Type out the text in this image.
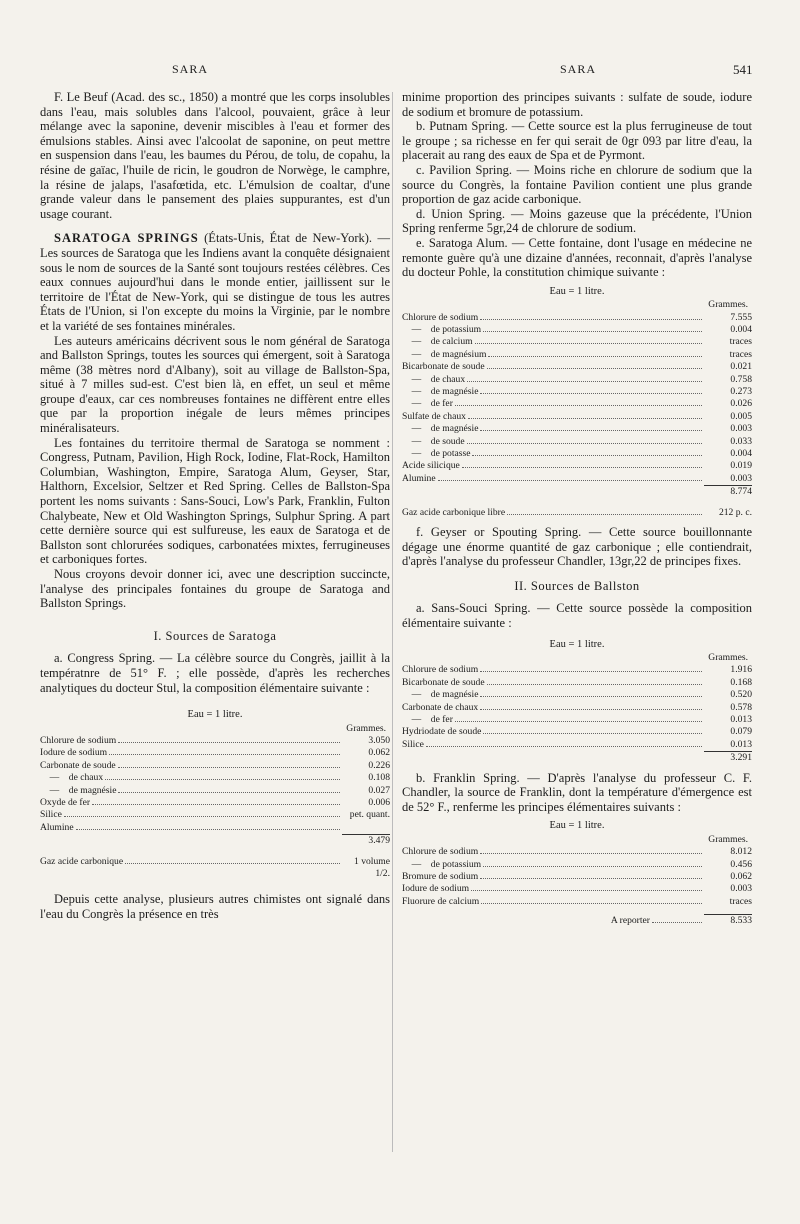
SARA	SARA	541

F. Le Beuf (Acad. des sc., 1850) a montré que les corps insolubles dans l'eau, mais solubles dans l'alcool, pouvaient, grâce à leur mélange avec la saponine, devenir miscibles à l'eau et former des émulsions stables. Ainsi avec l'alcoolat de saponine, on peut mettre en suspension dans l'eau, les baumes du Pérou, de tolu, de copahu, la résine de gaïac, l'huile de ricin, le goudron de Norwège, le camphre, la résine de jalaps, l'asafœtida, etc. L'émulsion de coaltar, d'une grande valeur dans le pansement des plaies suppurantes, est d'un usage courant.

SARATOGA SPRINGS (États-Unis, État de New-York). — Les sources de Saratoga que les Indiens avant la conquête désignaient sous le nom de sources de la Santé sont toujours restées célèbres. Ces eaux connues aujourd'hui dans le monde entier, jaillissent sur le territoire de l'État de New-York, qui se distingue de tous les autres États de l'Union, si l'on excepte du moins la Virginie, par le nombre et la variété de ses fontaines minérales.

Les auteurs américains décrivent sous le nom général de Saratoga and Ballston Springs, toutes les sources qui émergent, soit à Saratoga même (38 mètres nord d'Albany), soit au village de Ballston-Spa, situé à 7 milles sud-est. C'est bien là, en effet, un seul et même groupe d'eaux, car ces nombreuses fontaines ne diffèrent entre elles que par la proportion inégale de leurs mêmes principes minéralisateurs.

Les fontaines du territoire thermal de Saratoga se nomment : Congress, Putnam, Pavilion, High Rock, Iodine, Flat-Rock, Hamilton Columbian, Washington, Empire, Saratoga Alum, Geyser, Star, Halthorn, Excelsior, Seltzer et Red Spring. Celles de Ballston-Spa portent les noms suivants : Sans-Souci, Low's Park, Franklin, Fulton Chalybeate, New et Old Washington Springs, Sulphur Spring. A part cette dernière source qui est sulfureuse, les eaux de Saratoga et de Ballston sont chlorurées sodiques, carbonatées mixtes, ferrugineuses et carboniques fortes.

Nous croyons devoir donner ici, avec une description succincte, l'analyse des principales fontaines du groupe de Saratoga and Ballston Springs.

I. Sources de Saratoga

a. Congress Spring. — La célèbre source du Congrès, jaillit à la températnre de 51° F. ; elle possède, d'après les recherches analytiques du docteur Stul, la composition élémentaire suivante :

Eau = 1 litre.
Grammes.
Chlorure de sodium	3.050
Iodure de sodium	0.062
Carbonate de soude	0.226
—    de chaux	0.108
—    de magnésie	0.027
Oxyde de fer	0.006
Silice	pet. quant.
Alumine
3.479
Gaz acide carbonique	1 volume 1/2.

Depuis cette analyse, plusieurs autres chimistes ont signalé dans l'eau du Congrès la présence en très

minime proportion des principes suivants : sulfate de soude, iodure de sodium et bromure de potassium.

b. Putnam Spring. — Cette source est la plus ferrugineuse de tout le groupe ; sa richesse en fer qui serait de 0gr 093 par litre d'eau, la placerait au rang des eaux de Spa et de Pyrmont.

c. Pavilion Spring. — Moins riche en chlorure de sodium que la source du Congrès, la fontaine Pavilion contient une plus grande proportion de gaz acide carbonique.

d. Union Spring. — Moins gazeuse que la précédente, l'Union Spring renferme 5gr,24 de chlorure de sodium.

e. Saratoga Alum. — Cette fontaine, dont l'usage en médecine ne remonte guère qu'à une dizaine d'années, reconnait, d'après l'analyse du docteur Pohle, la constitution chimique suivante :

Eau = 1 litre.
Grammes.
Chlorure de sodium	7.555
—    de potassium	0.004
—    de calcium	traces
—    de magnésium	traces
Bicarbonate de soude	0.021
—    de chaux	0.758
—    de magnésie	0.273
—    de fer	0.026
Sulfate de chaux	0.005
—    de magnésie	0.003
—    de soude	0.033
—    de potasse	0.004
Acide silicique	0.019
Alumine	0.003
8.774
Gaz acide carbonique libre	212 p. c.

f. Geyser or Spouting Spring. — Cette source bouillonnante dégage une énorme quantité de gaz carbonique ; elle contiendrait, d'après l'analyse du professeur Chandler, 13gr,22 de principes fixes.

II. Sources de Ballston

a. Sans-Souci Spring. — Cette source possède la composition élémentaire suivante :

Eau = 1 litre.
Grammes.
Chlorure de sodium	1.916
Bicarbonate de soude	0.168
—    de magnésie	0.520
Carbonate de chaux	0.578
—    de fer	0.013
Hydriodate de soude	0.079
Silice	0.013
3.291

b. Franklin Spring. — D'après l'analyse du professeur C. F. Chandler, la source de Franklin, dont la température d'émergence est de 52° F., renferme les principes élémentaires suivants :

Eau = 1 litre.
Grammes.
Chlorure de sodium	8.012
—    de potassium	0.456
Bromure de sodium	0.062
Iodure de sodium	0.003
Fluorure de calcium	traces
A reporter	8.533
